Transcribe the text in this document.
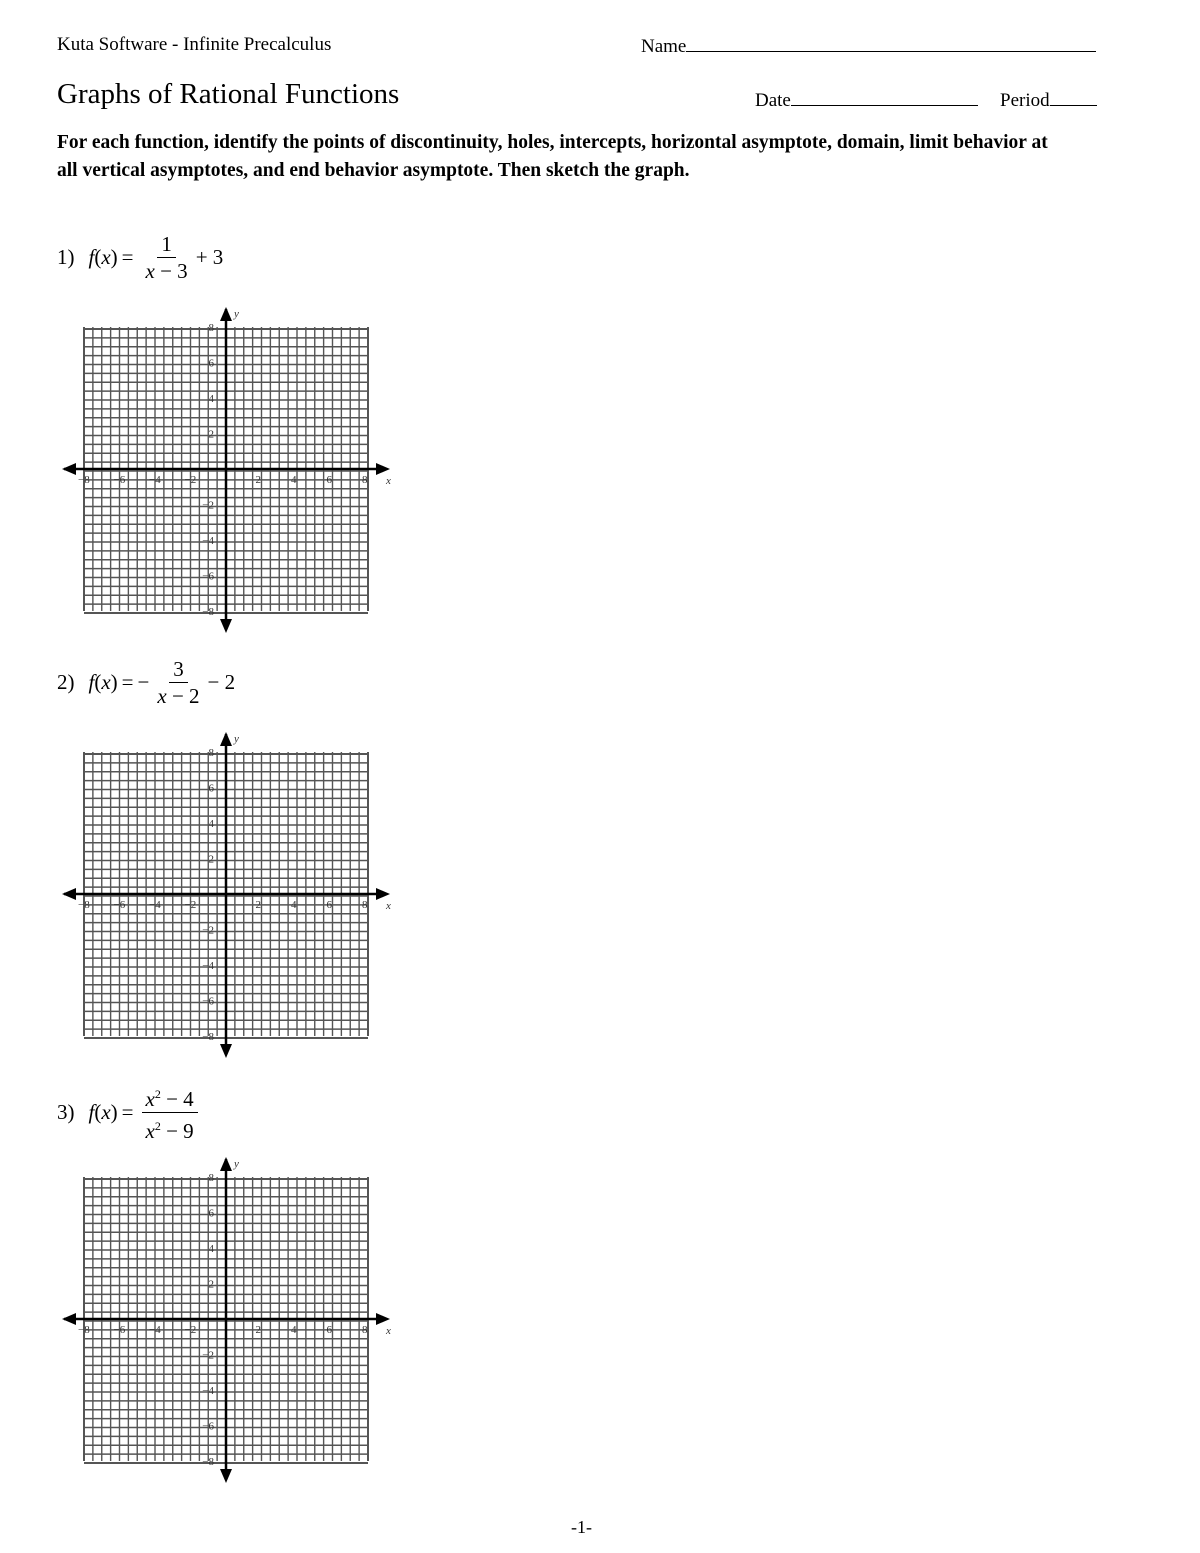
Kuta Software - Infinite Precalculus	Name
Graphs of Rational Functions	Date	Period
For each function, identify the points of discontinuity, holes, intercepts, horizontal asymptote, domain, limit behavior at all vertical asymptotes, and end behavior asymptote. Then sketch the graph.
1) f ( x ) = $\frac{1}{x - 3} + 3$
x
y
−8 −6 −4 −2	2	4	6	8
8
6
4
2
−2
−4
−6
−8
2) f ( x ) = − $\frac{3}{x - 2} - 2$
x
y
−8 −6 −4 −2	2	4	6	8
8
6
4
2
−2
−4
−6
−8
3) f ( x ) = $\frac{x^2 - 4}{x^2 - 9}$
x
y
−8 −6 −4 −2	2	4	6	8
8
6
4
2
−2
−4
−6
−8
-1-
